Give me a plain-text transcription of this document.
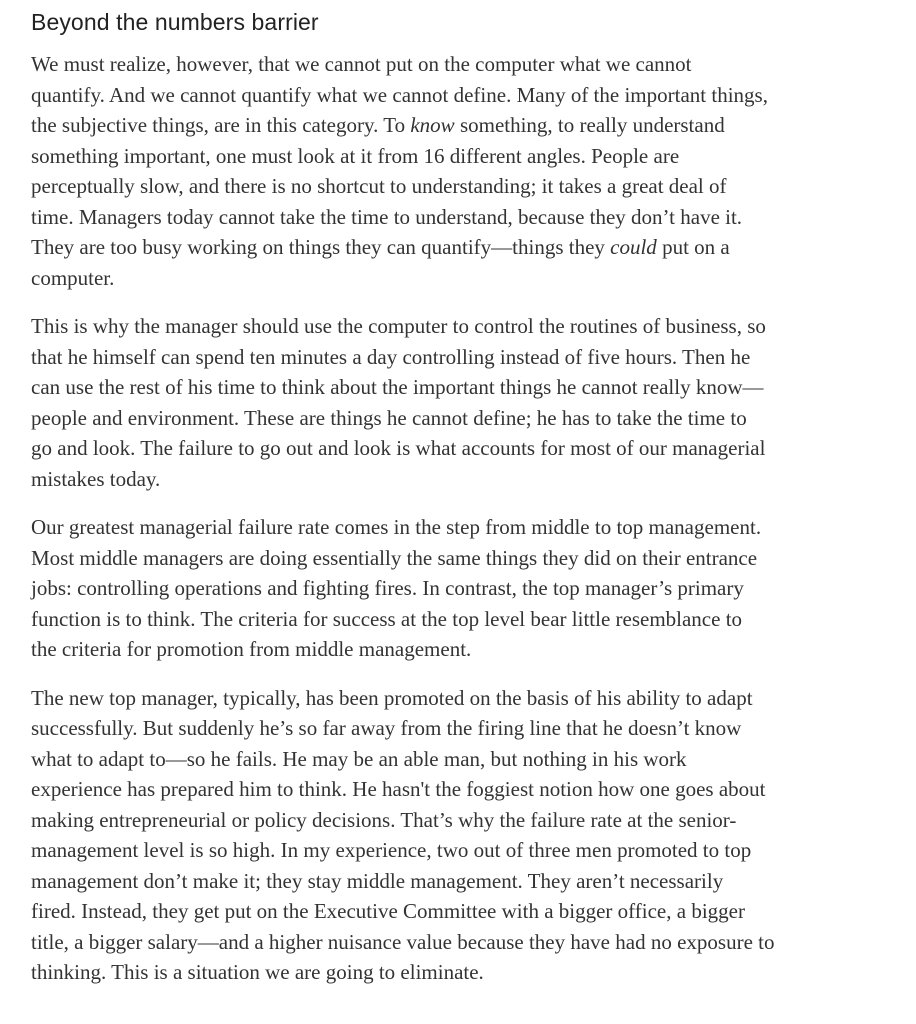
Beyond the numbers barrier

We must realize, however, that we cannot put on the computer what we cannot
quantify. And we cannot quantify what we cannot define. Many of the important things,
the subjective things, are in this category. To know something, to really understand
something important, one must look at it from 16 different angles. People are
perceptually slow, and there is no shortcut to understanding; it takes a great deal of
time. Managers today cannot take the time to understand, because they don’t have it.
They are too busy working on things they can quantify—things they could put on a
computer.

This is why the manager should use the computer to control the routines of business, so
that he himself can spend ten minutes a day controlling instead of five hours. Then he
can use the rest of his time to think about the important things he cannot really know—
people and environment. These are things he cannot define; he has to take the time to
go and look. The failure to go out and look is what accounts for most of our managerial
mistakes today.

Our greatest managerial failure rate comes in the step from middle to top management.
Most middle managers are doing essentially the same things they did on their entrance
jobs: controlling operations and fighting fires. In contrast, the top manager’s primary
function is to think. The criteria for success at the top level bear little resemblance to
the criteria for promotion from middle management.

The new top manager, typically, has been promoted on the basis of his ability to adapt
successfully. But suddenly he’s so far away from the firing line that he doesn’t know
what to adapt to—so he fails. He may be an able man, but nothing in his work
experience has prepared him to think. He hasn't the foggiest notion how one goes about
making entrepreneurial or policy decisions. That’s why the failure rate at the senior-
management level is so high. In my experience, two out of three men promoted to top
management don’t make it; they stay middle management. They aren’t necessarily
fired. Instead, they get put on the Executive Committee with a bigger office, a bigger
title, a bigger salary—and a higher nuisance value because they have had no exposure to
thinking. This is a situation we are going to eliminate.
